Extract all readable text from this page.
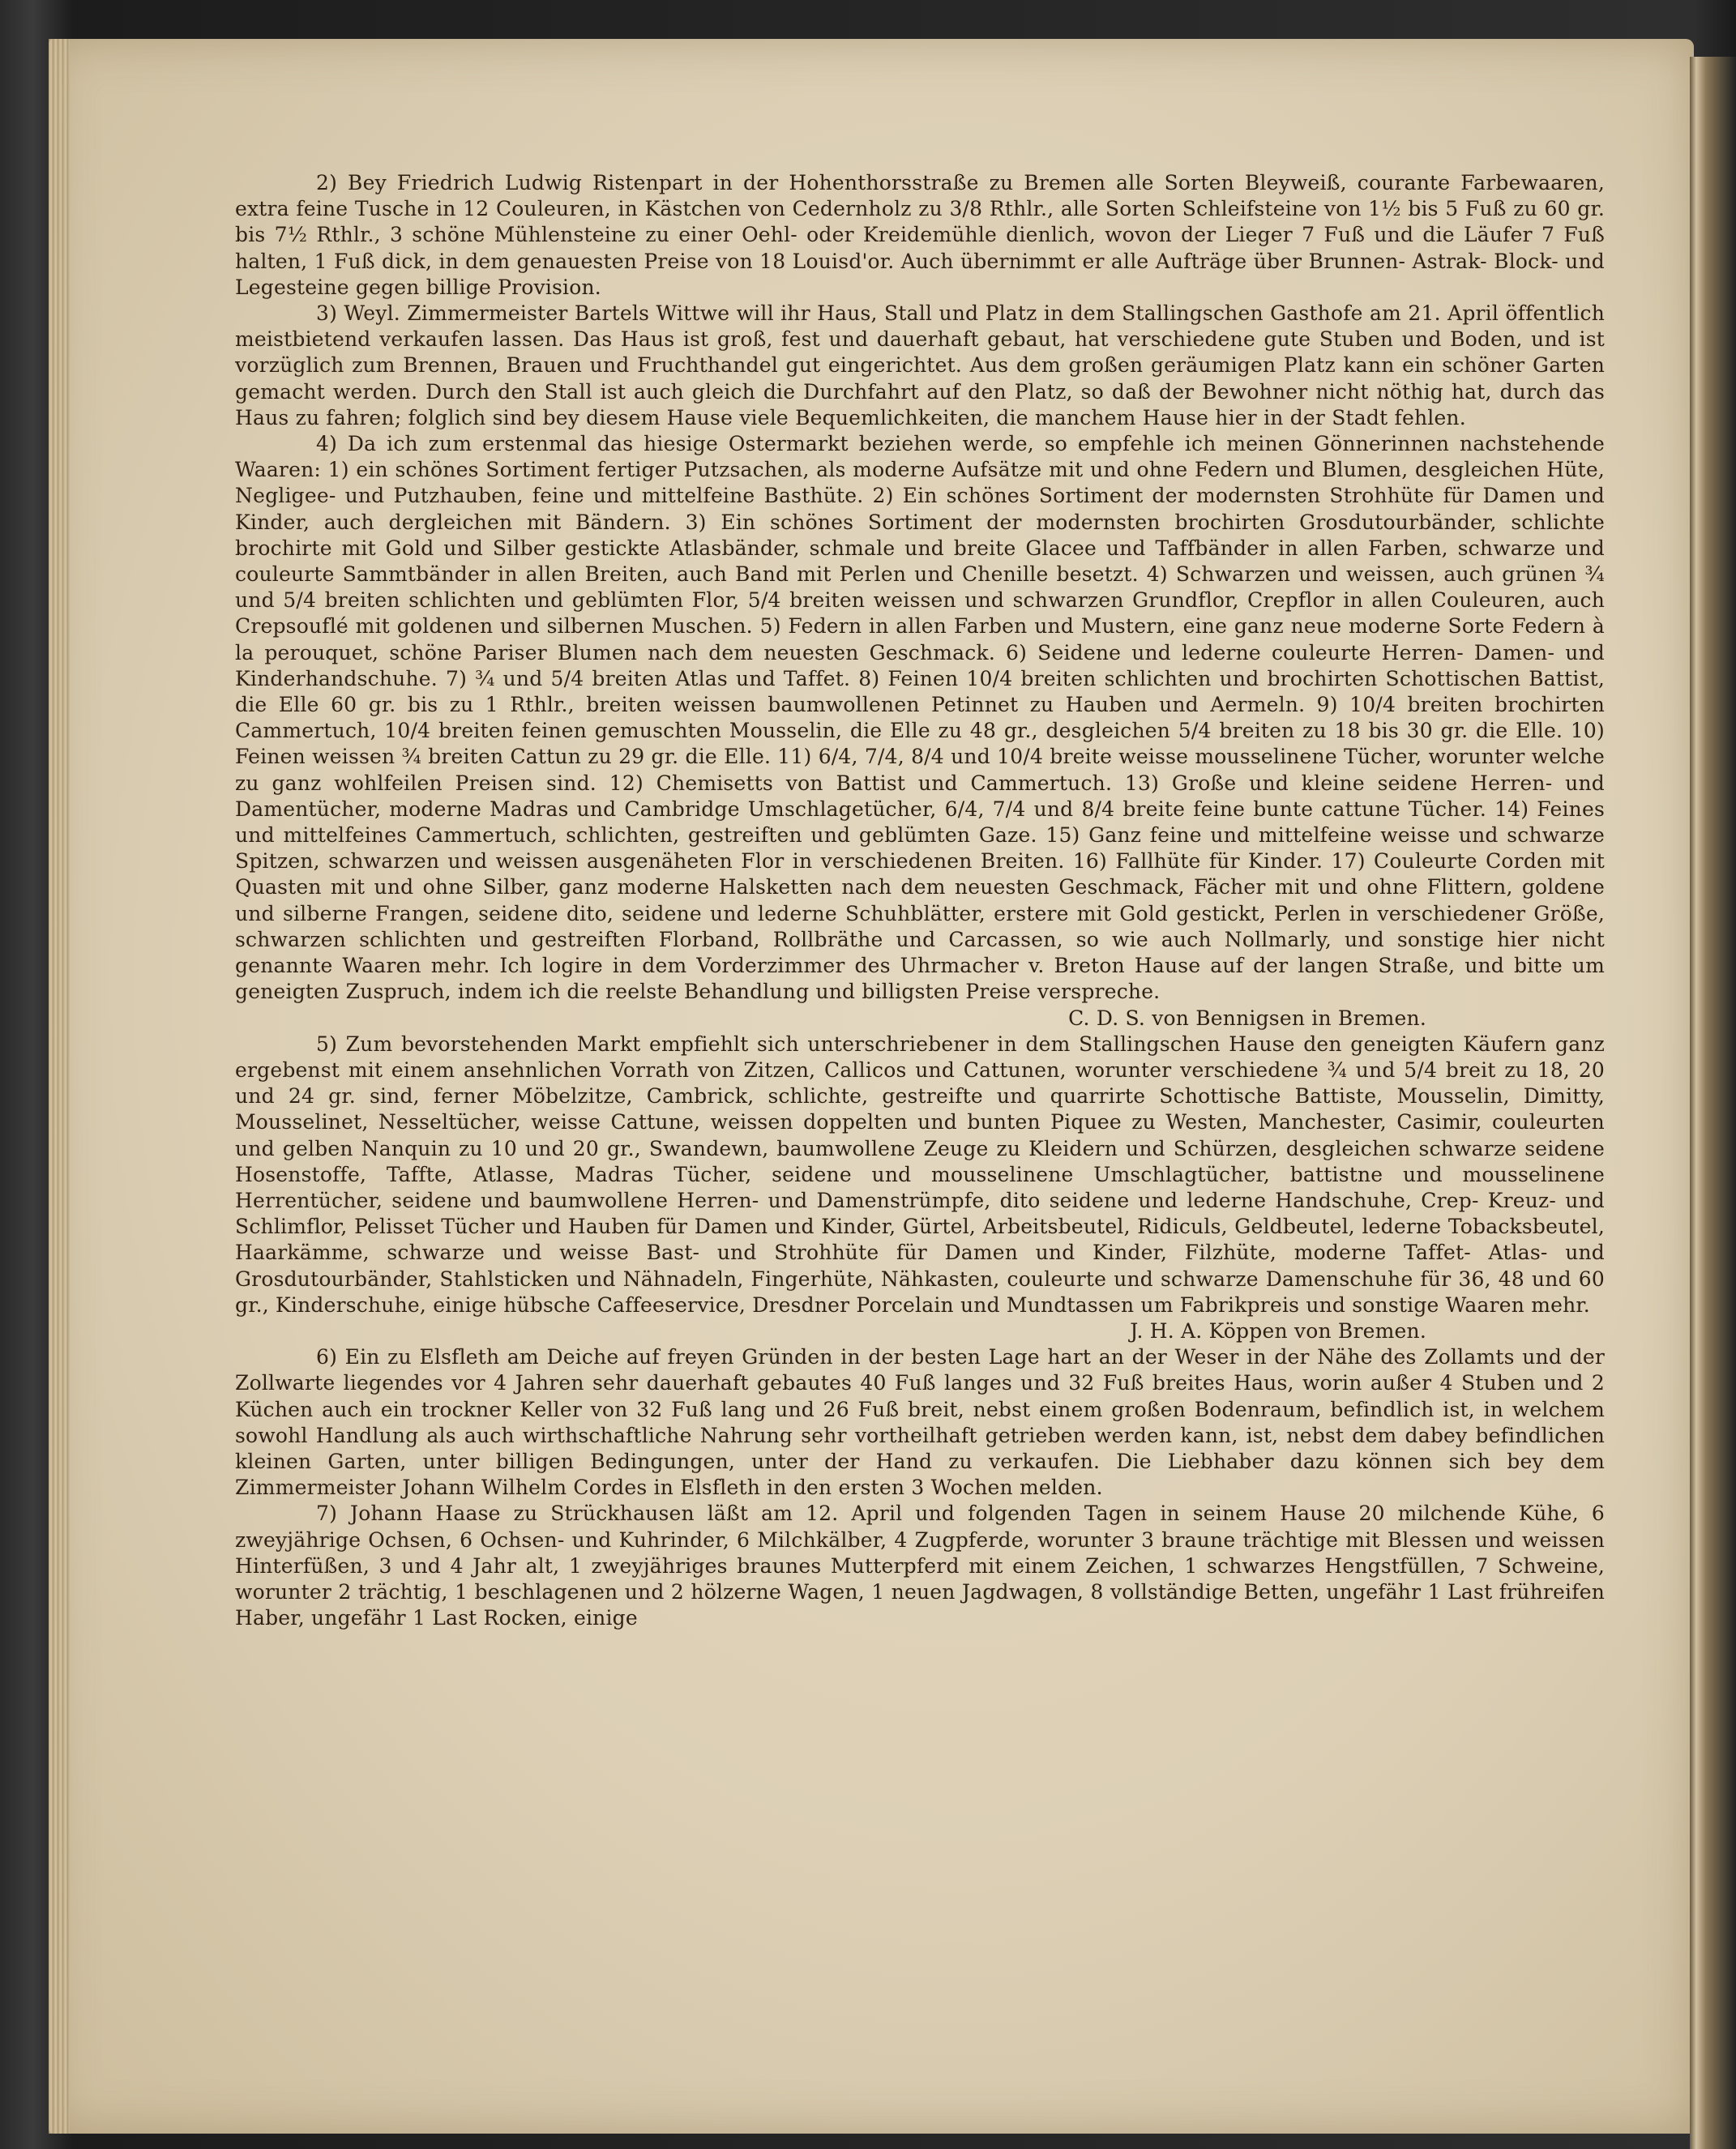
2) Bey Friedrich Ludwig Ristenpart in der Hohenthorsstraße zu Bremen alle Sorten Bleyweiß, courante Farbewaaren, extra feine Tusche in 12 Couleuren, in Kästchen von Cedernholz zu 3/8 Rthlr., alle Sorten Schleifsteine von 1½ bis 5 Fuß zu 60 gr. bis 7½ Rthlr., 3 schöne Mühlensteine zu einer Oehl- oder Kreidemühle dienlich, wovon der Lieger 7 Fuß und die Läufer 7 Fuß halten, 1 Fuß dick, in dem genauesten Preise von 18 Louisd'or. Auch übernimmt er alle Aufträge über Brunnen- Astrak- Block- und Legesteine gegen billige Provision.

3) Weyl. Zimmermeister Bartels Wittwe will ihr Haus, Stall und Platz in dem Stallingschen Gasthofe am 21. April öffentlich meistbietend verkaufen lassen. Das Haus ist groß, fest und dauerhaft gebaut, hat verschiedene gute Stuben und Boden, und ist vorzüglich zum Brennen, Brauen und Fruchthandel gut eingerichtet. Aus dem großen geräumigen Platz kann ein schöner Garten gemacht werden. Durch den Stall ist auch gleich die Durchfahrt auf den Platz, so daß der Bewohner nicht nöthig hat, durch das Haus zu fahren; folglich sind bey diesem Hause viele Bequemlichkeiten, die manchem Hause hier in der Stadt fehlen.

4) Da ich zum erstenmal das hiesige Ostermarkt beziehen werde, so empfehle ich meinen Gönnerinnen nachstehende Waaren: 1) ein schönes Sortiment fertiger Putzsachen, als moderne Aufsätze mit und ohne Federn und Blumen, desgleichen Hüte, Negligee- und Putzhauben, feine und mittelfeine Basthüte. 2) Ein schönes Sortiment der modernsten Strohhüte für Damen und Kinder, auch dergleichen mit Bändern. 3) Ein schönes Sortiment der modernsten brochirten Grosdutourbänder, schlichte brochirte mit Gold und Silber gestickte Atlasbänder, schmale und breite Glacee und Taffbänder in allen Farben, schwarze und couleurte Sammtbänder in allen Breiten, auch Band mit Perlen und Chenille besetzt. 4) Schwarzen und weissen, auch grünen ¾ und 5/4 breiten schlichten und geblümten Flor, 5/4 breiten weissen und schwarzen Grundflor, Crepflor in allen Couleuren, auch Crepsouflé mit goldenen und silbernen Muschen. 5) Federn in allen Farben und Mustern, eine ganz neue moderne Sorte Federn à la perouquet, schöne Pariser Blumen nach dem neuesten Geschmack. 6) Seidene und lederne couleurte Herren- Damen- und Kinderhandschuhe. 7) ¾ und 5/4 breiten Atlas und Taffet. 8) Feinen 10/4 breiten schlichten und brochirten Schottischen Battist, die Elle 60 gr. bis zu 1 Rthlr., breiten weissen baumwollenen Petinnet zu Hauben und Aermeln. 9) 10/4 breiten brochirten Cammertuch, 10/4 breiten feinen gemuschten Mousselin, die Elle zu 48 gr., desgleichen 5/4 breiten zu 18 bis 30 gr. die Elle. 10) Feinen weissen ¾ breiten Cattun zu 29 gr. die Elle. 11) 6/4, 7/4, 8/4 und 10/4 breite weisse mousselinene Tücher, worunter welche zu ganz wohlfeilen Preisen sind. 12) Chemisetts von Battist und Cammertuch. 13) Große und kleine seidene Herren- und Damentücher, moderne Madras und Cambridge Umschlagetücher, 6/4, 7/4 und 8/4 breite feine bunte cattune Tücher. 14) Feines und mittelfeines Cammertuch, schlichten, gestreiften und geblümten Gaze. 15) Ganz feine und mittelfeine weisse und schwarze Spitzen, schwarzen und weissen ausgenäheten Flor in verschiedenen Breiten. 16) Fallhüte für Kinder. 17) Couleurte Corden mit Quasten mit und ohne Silber, ganz moderne Halsketten nach dem neuesten Geschmack, Fächer mit und ohne Flittern, goldene und silberne Frangen, seidene dito, seidene und lederne Schuhblätter, erstere mit Gold gestickt, Perlen in verschiedener Größe, schwarzen schlichten und gestreiften Florband, Rollbräthe und Carcassen, so wie auch Nollmarly, und sonstige hier nicht genannte Waaren mehr. Ich logire in dem Vorderzimmer des Uhrmacher v. Breton Hause auf der langen Straße, und bitte um geneigten Zuspruch, indem ich die reelste Behandlung und billigsten Preise verspreche.

C. D. S. von Bennigsen in Bremen.

5) Zum bevorstehenden Markt empfiehlt sich unterschriebener in dem Stallingschen Hause den geneigten Käufern ganz ergebenst mit einem ansehnlichen Vorrath von Zitzen, Callicos und Cattunen, worunter verschiedene ¾ und 5/4 breit zu 18, 20 und 24 gr. sind, ferner Möbelzitze, Cambrick, schlichte, gestreifte und quarrirte Schottische Battiste, Mousselin, Dimitty, Mousselinet, Nesseltücher, weisse Cattune, weissen doppelten und bunten Piquee zu Westen, Manchester, Casimir, couleurten und gelben Nanquin zu 10 und 20 gr., Swandewn, baumwollene Zeuge zu Kleidern und Schürzen, desgleichen schwarze seidene Hosenstoffe, Taffte, Atlasse, Madras Tücher, seidene und mousselinene Umschlagtücher, battistne und mousselinene Herrentücher, seidene und baumwollene Herren- und Damenstrümpfe, dito seidene und lederne Handschuhe, Crep- Kreuz- und Schlimflor, Pelisset Tücher und Hauben für Damen und Kinder, Gürtel, Arbeitsbeutel, Ridiculs, Geldbeutel, lederne Tobacksbeutel, Haarkämme, schwarze und weisse Bast- und Strohhüte für Damen und Kinder, Filzhüte, moderne Taffet- Atlas- und Grosdutourbänder, Stahlsticken und Nähnadeln, Fingerhüte, Nähkasten, couleurte und schwarze Damenschuhe für 36, 48 und 60 gr., Kinderschuhe, einige hübsche Caffeeservice, Dresdner Porcelain und Mundtassen um Fabrikpreis und sonstige Waaren mehr.

J. H. A. Köppen von Bremen.

6) Ein zu Elsfleth am Deiche auf freyen Gründen in der besten Lage hart an der Weser in der Nähe des Zollamts und der Zollwarte liegendes vor 4 Jahren sehr dauerhaft gebautes 40 Fuß langes und 32 Fuß breites Haus, worin außer 4 Stuben und 2 Küchen auch ein trockner Keller von 32 Fuß lang und 26 Fuß breit, nebst einem großen Bodenraum, befindlich ist, in welchem sowohl Handlung als auch wirthschaftliche Nahrung sehr vortheilhaft getrieben werden kann, ist, nebst dem dabey befindlichen kleinen Garten, unter billigen Bedingungen, unter der Hand zu verkaufen. Die Liebhaber dazu können sich bey dem Zimmermeister Johann Wilhelm Cordes in Elsfleth in den ersten 3 Wochen melden.

7) Johann Haase zu Strückhausen läßt am 12. April und folgenden Tagen in seinem Hause 20 milchende Kühe, 6 zweyjährige Ochsen, 6 Ochsen- und Kuhrinder, 6 Milchkälber, 4 Zugpferde, worunter 3 braune trächtige mit Blessen und weissen Hinterfüßen, 3 und 4 Jahr alt, 1 zweyjähriges braunes Mutterpferd mit einem Zeichen, 1 schwarzes Hengstfüllen, 7 Schweine, worunter 2 trächtig, 1 beschlagenen und 2 hölzerne Wagen, 1 neuen Jagdwagen, 8 vollständige Betten, ungefähr 1 Last frühreifen Haber, ungefähr 1 Last Rocken, einige
